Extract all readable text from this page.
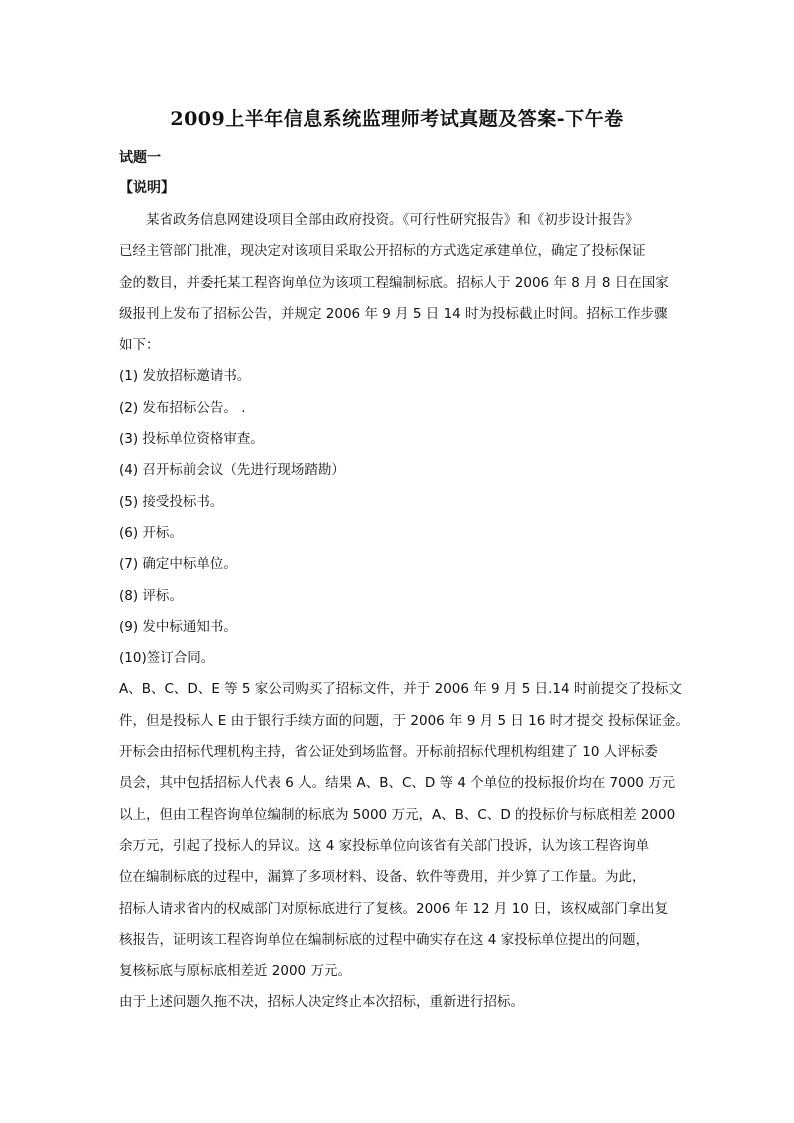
2009上半年信息系统监理师考试真题及答案-下午卷

试题一

【说明】

某省政务信息网建设项目全部由政府投资。《可行性研究报告》和《初步设计报告》
已经主管部门批准，现决定对该项目采取公开招标的方式选定承建单位，确定了投标保证
金的数目，并委托某工程咨询单位为该项工程编制标底。招标人于 2006 年 8 月 8 日在国家
级报刊上发布了招标公告，并规定 2006 年 9 月 5 日 14 时为投标截止时间。招标工作步骤
如下：
(1) 发放招标邀请书。
(2) 发布招标公告。 .
(3) 投标单位资格审查。
(4) 召开标前会议（先进行现场踏勘）
(5) 接受投标书。
(6) 开标。
(7) 确定中标单位。
(8) 评标。
(9) 发中标通知书。
(10)签订合同。
A、B、C、D、E 等 5 家公司购买了招标文件，并于 2006 年 9 月 5 日.14 时前提交了投标文
件，但是投标人 E 由于银行手续方面的问题，于 2006 年 9 月 5 日 16 时才提交 投标保证金。
开标会由招标代理机构主持，省公证处到场监督。开标前招标代理机构组建了 10 人评标委
员会，其中包括招标人代表 6 人。结果 A、B、C、D 等 4 个单位的投标报价均在 7000 万元
以上，但由工程咨询单位编制的标底为 5000 万元，A、B、C、D 的投标价与标底相差 2000
余万元，引起了投标人的异议。这 4 家投标单位向该省有关部门投诉，认为该工程咨询单
位在编制标底的过程中，漏算了多项材料、设备、软件等费用，并少算了工作量。为此，
招标人请求省内的权威部门对原标底进行了复核。2006 年 12 月 10 日，该权威部门拿出复
核报告，证明该工程咨询单位在编制标底的过程中确实存在这 4 家投标单位提出的问题，
复核标底与原标底相差近 2000 万元。
由于上述问题久拖不决，招标人决定终止本次招标，重新进行招标。
